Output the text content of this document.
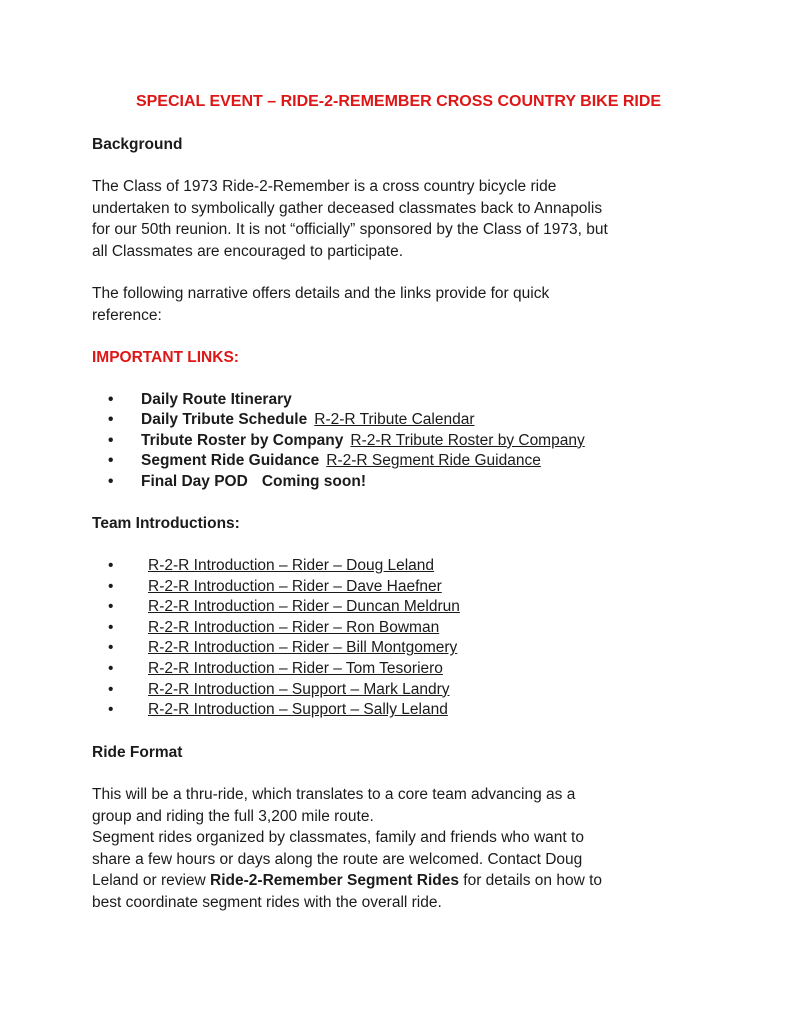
SPECIAL EVENT – RIDE-2-REMEMBER CROSS COUNTRY BIKE RIDE
Background
The Class of 1973 Ride-2-Remember is a cross country bicycle ride
undertaken to symbolically gather deceased classmates back to Annapolis
for our 50th reunion. It is not “officially” sponsored by the Class of 1973, but
all Classmates are encouraged to participate.
The following narrative offers details and the links provide for quick
reference:
IMPORTANT LINKS:
• Daily Route Itinerary
• Daily Tribute Schedule R-2-R Tribute Calendar
• Tribute Roster by Company R-2-R Tribute Roster by Company
• Segment Ride Guidance R-2-R Segment Ride Guidance
• Final Day POD Coming soon!
Team Introductions:
• R-2-R Introduction – Rider – Doug Leland
• R-2-R Introduction – Rider – Dave Haefner
• R-2-R Introduction – Rider – Duncan Meldrun
• R-2-R Introduction – Rider – Ron Bowman
• R-2-R Introduction – Rider – Bill Montgomery
• R-2-R Introduction – Rider – Tom Tesoriero
• R-2-R Introduction – Support – Mark Landry
• R-2-R Introduction – Support – Sally Leland
Ride Format
This will be a thru-ride, which translates to a core team advancing as a
group and riding the full 3,200 mile route.
Segment rides organized by classmates, family and friends who want to
share a few hours or days along the route are welcomed. Contact Doug
Leland or review Ride-2-Remember Segment Rides for details on how to
best coordinate segment rides with the overall ride.
